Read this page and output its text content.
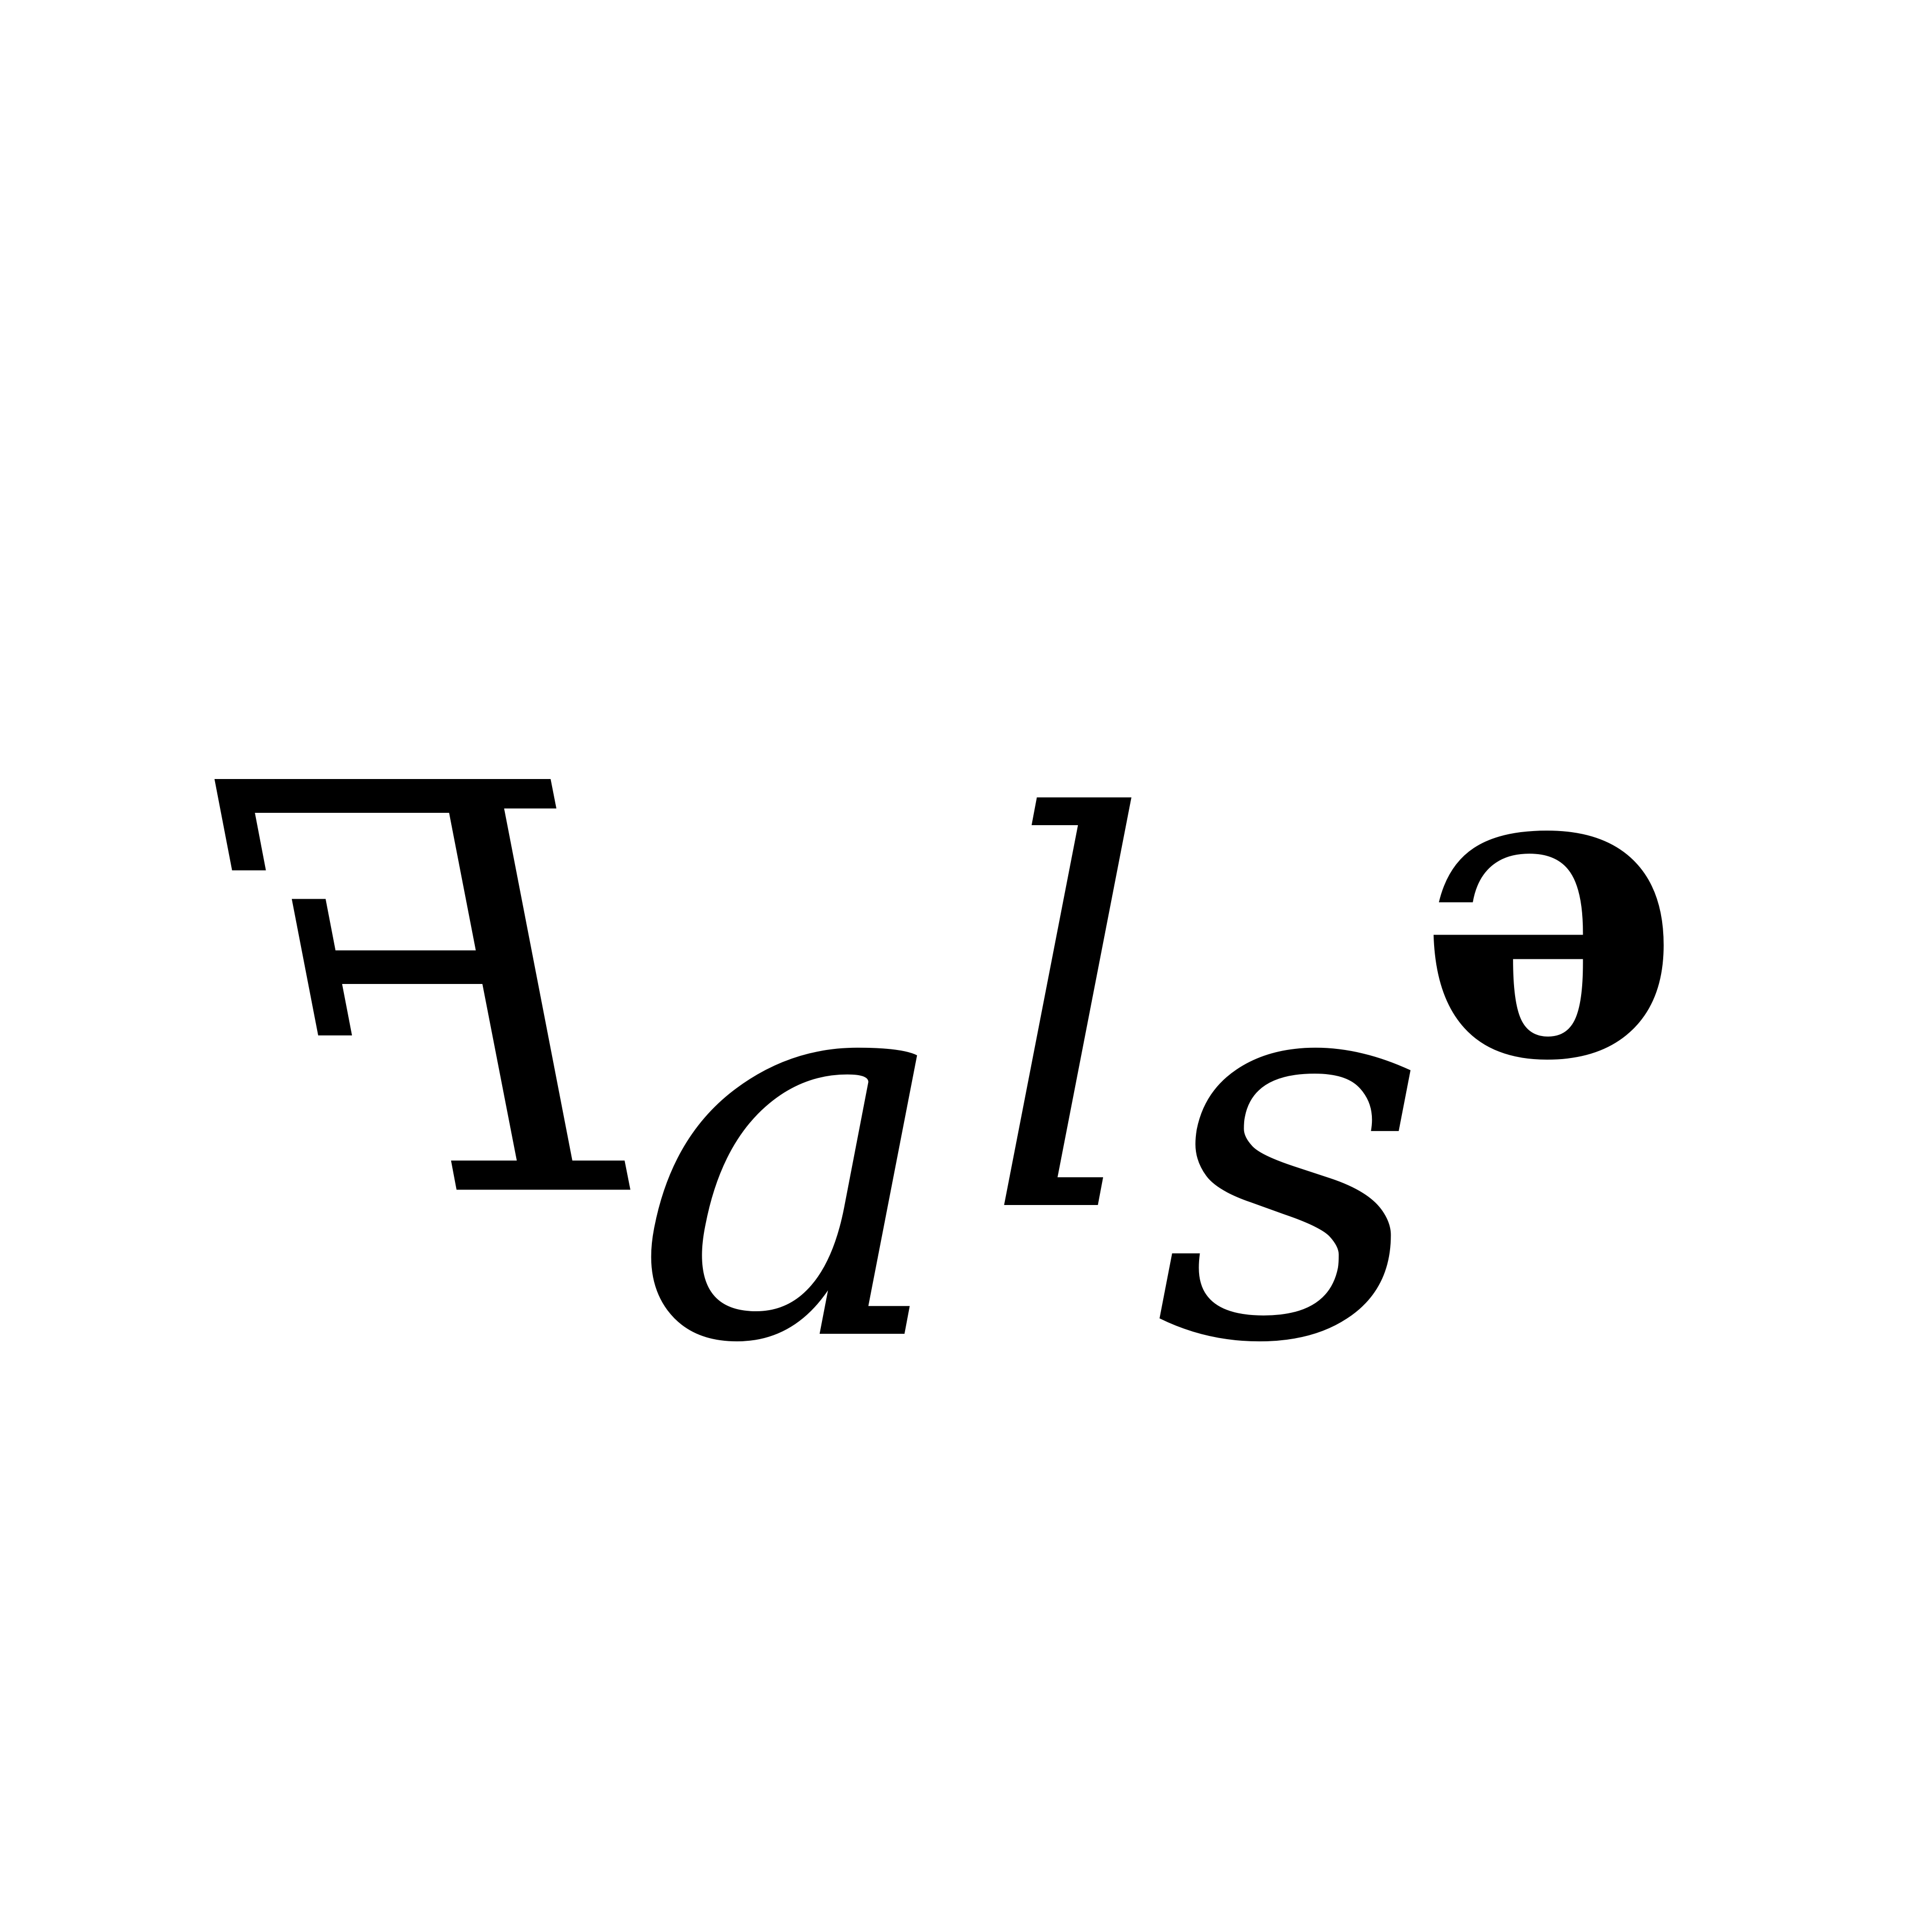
Ⅎ a l s
ə
